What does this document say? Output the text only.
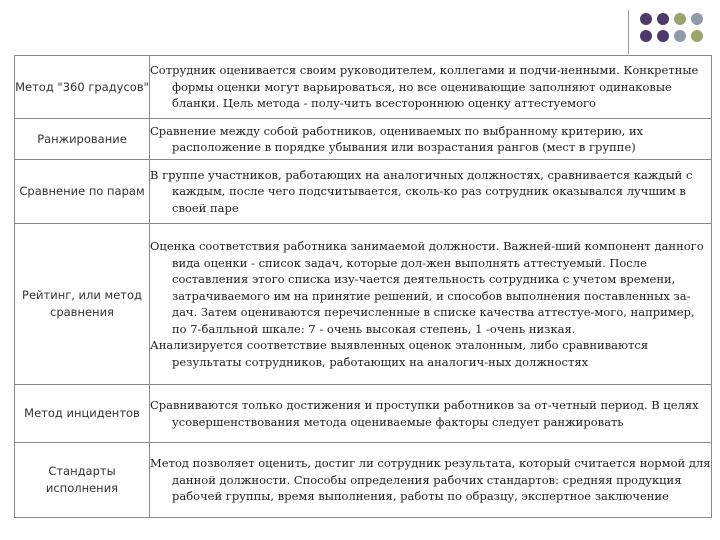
Метод "360 градусов"	Сотрудник оценивается своим руководителем, коллегами и подчи-ненными. Конкретные формы оценки могут варьироваться, но все оценивающие заполняют одинаковые бланки. Цель метода - полу-чить всестороннюю оценку аттестуемого

Ранжирование	Сравнение между собой работников, оцениваемых по выбранному критерию, их расположение в порядке убывания или возрастания рангов (мест в группе)

Сравнение по парам	В группе участников, работающих на аналогичных должностях, сравнивается каждый с каждым, после чего подсчитывается, сколь-ко раз сотрудник оказывался лучшим в своей паре

Рейтинг, или метод сравнения	Оценка соответствия работника занимаемой должности. Важней-ший компонент данного вида оценки - список задач, которые дол-жен выполнять аттестуемый. После составления этого списка изу-чается деятельность сотрудника с учетом времени, затрачиваемого им на принятие решений, и способов выполнения поставленных за-дач. Затем оцениваются перечисленные в списке качества аттестуе-мого, например, по 7-балльной шкале: 7 - очень высокая степень, 1 -очень низкая.
Анализируется соответствие выявленных оценок эталонным, либо сравниваются результаты сотрудников, работающих на аналогич-ных должностях

Метод инцидентов	Сравниваются только достижения и проступки работников за от-четный период. В целях усовершенствования метода оцениваемые факторы следует ранжировать

Стандарты исполнения	Метод позволяет оценить, достиг ли сотрудник результата, который считается нормой для данной должности. Способы определения рабочих стандартов: средняя продукция рабочей группы, время выполнения, работы по образцу, экспертное заключение
